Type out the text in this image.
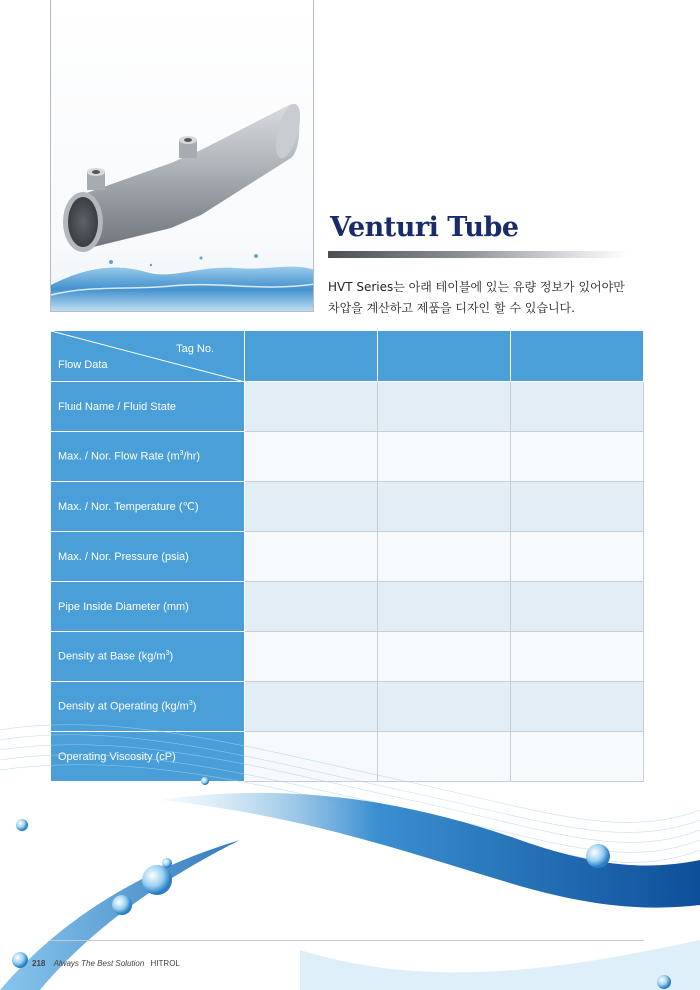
Venturi Tube
HVT Series는 아래 테이블에 있는 유량 정보가 있어야만
차압을 계산하고 제품을 디자인 할 수 있습니다.
Tag No.
Flow Data			

Fluid Name / Fluid State			
Max. / Nor. Flow Rate $(m^3/hr)$			
Max. / Nor. Temperature (℃)			
Max. / Nor. Pressure (psia)			
Pipe Inside Diameter (mm)			
Density at Base $(kg/m^3)$			
Density at Operating $(kg/m^3)$			
Operating Viscosity (cP)			
218 Always The Best Solution HITROL
